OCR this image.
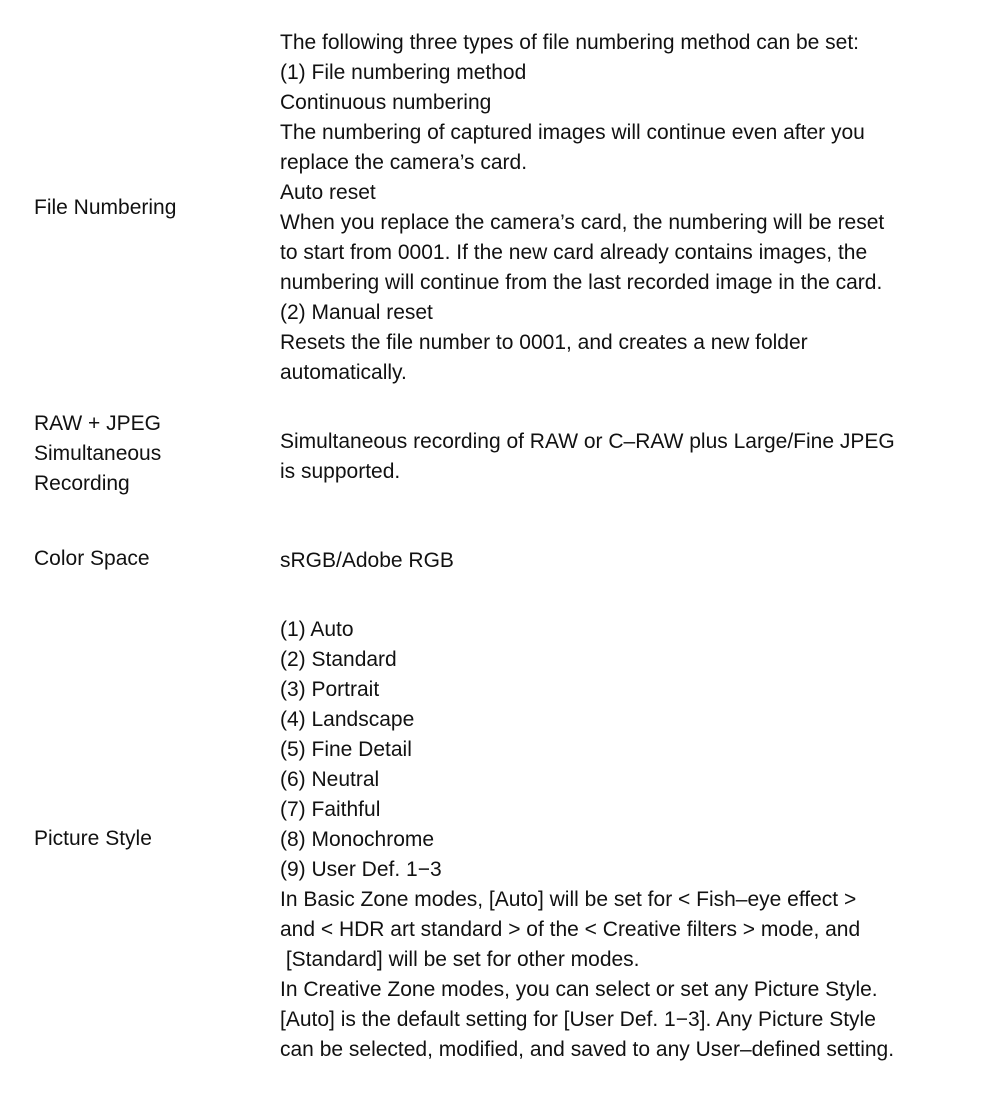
File Numbering
The following three types of file numbering method can be set:
(1) File numbering method
Continuous numbering
The numbering of captured images will continue even after you
replace the camera’s card.
Auto reset
When you replace the camera’s card, the numbering will be reset
to start from 0001. If the new card already contains images, the
numbering will continue from the last recorded image in the card.
(2) Manual reset
Resets the file number to 0001, and creates a new folder
automatically.
RAW + JPEG
Simultaneous
Recording
Simultaneous recording of RAW or C–RAW plus Large/Fine JPEG
is supported.
Color Space	sRGB/Adobe RGB
Picture Style
(1) Auto
(2) Standard
(3) Portrait
(4) Landscape
(5) Fine Detail
(6) Neutral
(7) Faithful
(8) Monochrome
(9) User Def. 1−3
In Basic Zone modes, [Auto] will be set for < Fish–eye effect >
and < HDR art standard > of the < Creative filters > mode, and
[Standard] will be set for other modes.
In Creative Zone modes, you can select or set any Picture Style.
[Auto] is the default setting for [User Def. 1−3]. Any Picture Style
can be selected, modified, and saved to any User–defined setting.
